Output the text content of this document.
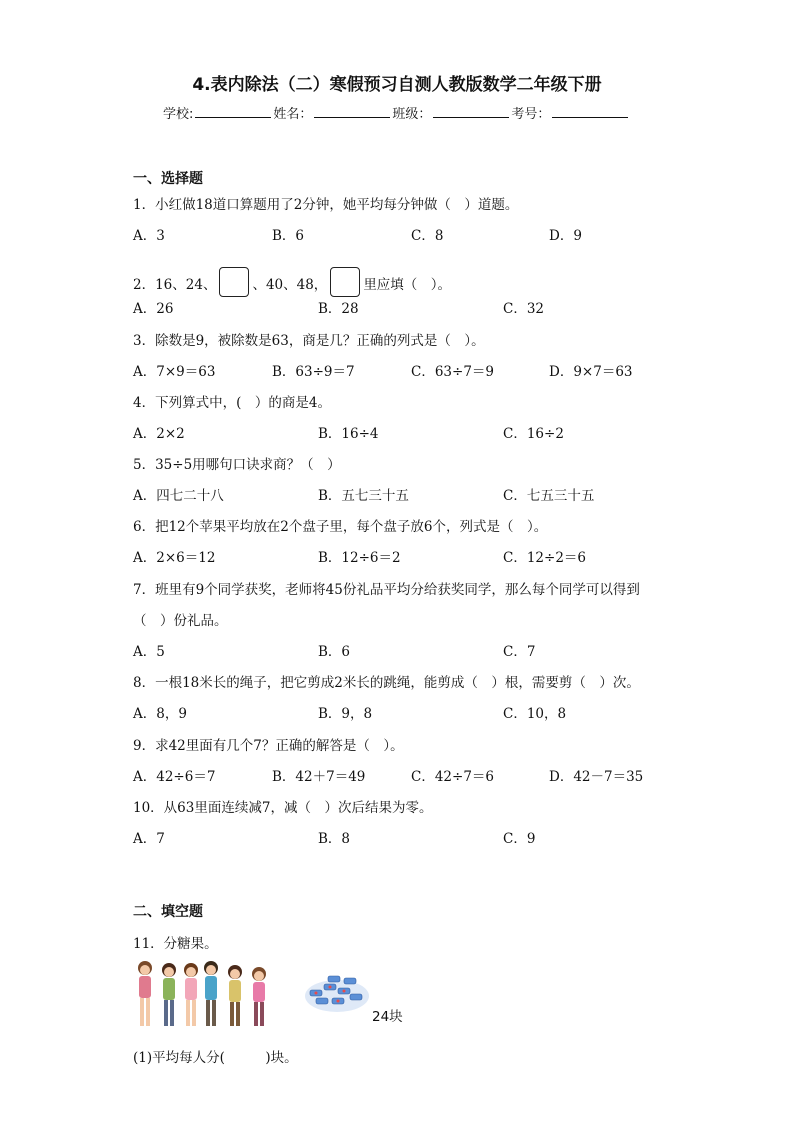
4.表内除法（二）寒假预习自测人教版数学二年级下册
学校:	姓名：	班级：	考号：
一、选择题
1．小红做18道口算题用了2分钟，她平均每分钟做（　）道题。
A．3	B．6	C．8	D．9
2．16、24、	、40、48，	里应填（　）。
A．26	B．28	C．32
3．除数是9，被除数是63，商是几？正确的列式是（　）。
A．7×9＝63	B．63÷9＝7	C．63÷7＝9	D．9×7＝63
4．下列算式中，(　）的商是4。
A．2×2	B．16÷4	C．16÷2
5．35÷5用哪句口诀求商？（　）
A．四七二十八	B．五七三十五	C．七五三十五
6．把12个苹果平均放在2个盘子里，每个盘子放6个，列式是（　）。
A．2×6＝12	B．12÷6＝2	C．12÷2＝6
7．班里有9个同学获奖，老师将45份礼品平均分给获奖同学，那么每个同学可以得到
（　）份礼品。
A．5	B．6	C．7
8．一根18米长的绳子，把它剪成2米长的跳绳，能剪成（　）根，需要剪（　）次。
A．8，9	B．9，8	C．10，8
9．求42里面有几个7？正确的解答是（　）。
A．42÷6＝7	B．42＋7＝49	C．42÷7＝6	D．42－7＝35
10．从63里面连续减7，减（　）次后结果为零。
A．7	B．8	C．9
二、填空题
11．分糖果。
24块
(1)平均每人分(　　　)块。
